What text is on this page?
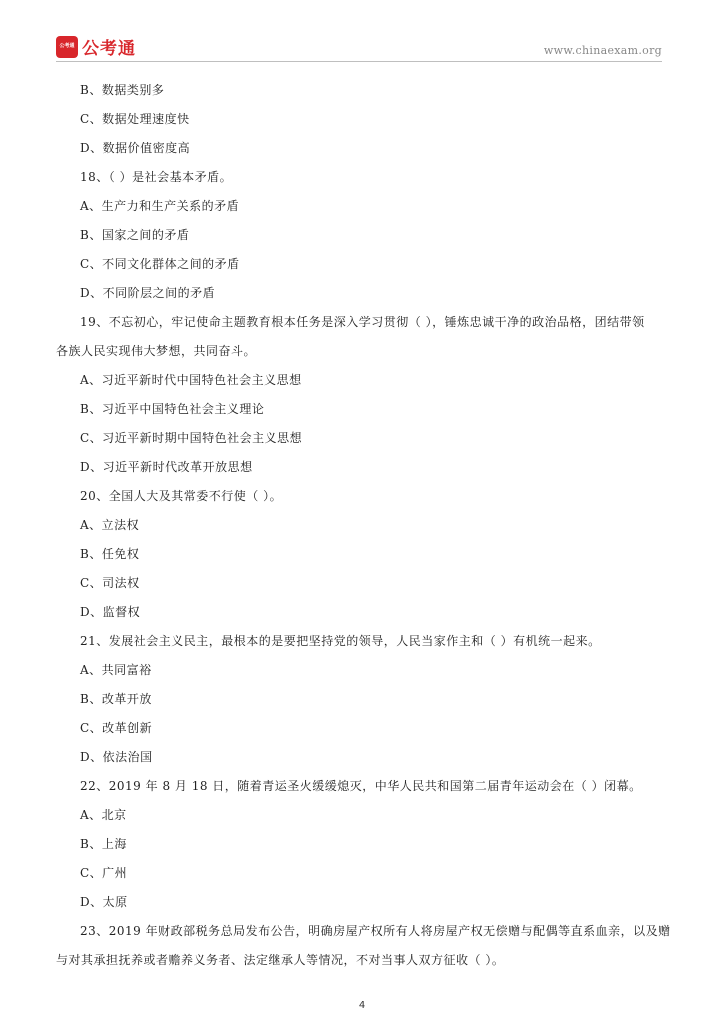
公考通 公考通	www.chinaexam.org
B、数据类别多
C、数据处理速度快
D、数据价值密度高
18、（ ）是社会基本矛盾。
A、生产力和生产关系的矛盾
B、国家之间的矛盾
C、不同文化群体之间的矛盾
D、不同阶层之间的矛盾
19、不忘初心，牢记使命主题教育根本任务是深入学习贯彻（ ），锤炼忠诚干净的政治品格，团结带领
各族人民实现伟大梦想，共同奋斗。
A、习近平新时代中国特色社会主义思想
B、习近平中国特色社会主义理论
C、习近平新时期中国特色社会主义思想
D、习近平新时代改革开放思想
20、全国人大及其常委不行使（ ）。
A、立法权
B、任免权
C、司法权
D、监督权
21、发展社会主义民主，最根本的是要把坚持党的领导，人民当家作主和（ ）有机统一起来。
A、共同富裕
B、改革开放
C、改革创新
D、依法治国
22、2019 年 8 月 18 日，随着青运圣火缓缓熄灭，中华人民共和国第二届青年运动会在（ ）闭幕。
A、北京
B、上海
C、广州
D、太原
23、2019 年财政部税务总局发布公告，明确房屋产权所有人将房屋产权无偿赠与配偶等直系血亲，以及赠
与对其承担抚养或者赡养义务者、法定继承人等情况，不对当事人双方征收（ ）。
4
